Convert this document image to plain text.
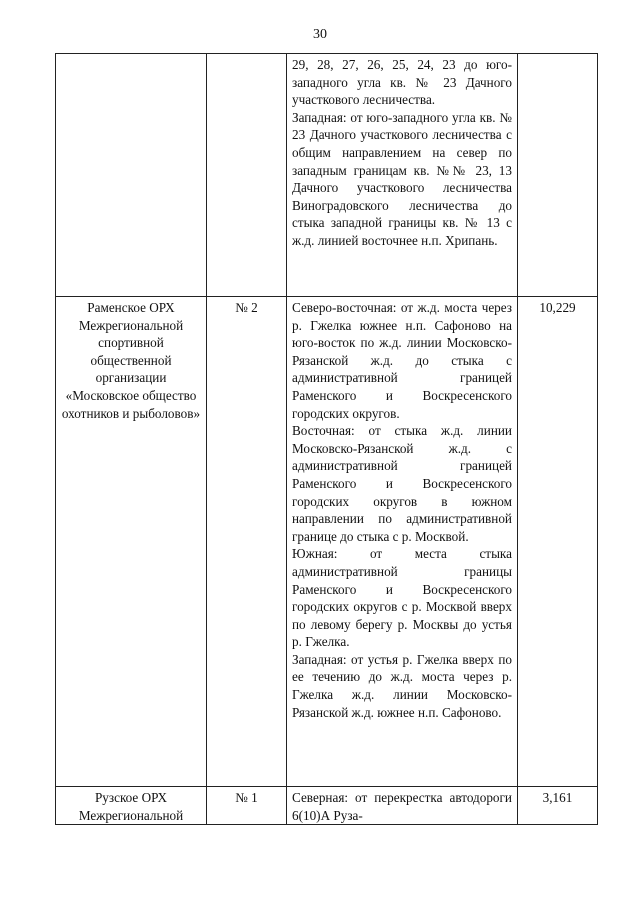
30

		29, 28, 27, 26, 25, 24, 23 до юго-западного угла кв. № 23 Дачного участкового лесничества.
Западная: от юго-западного угла кв. № 23 Дачного участкового лесничества с общим направлением на север по западным границам кв. №№ 23, 13 Дачного участкового лесничества Виноградовского лесничества до стыка западной границы кв. № 13 с ж.д. линией восточнее н.п. Хрипань.	

Раменское ОРХ Межрегиональной спортивной общественной организации «Московское общество охотников и рыболовов»	№ 2	Северо-восточная: от ж.д. моста через р. Гжелка южнее н.п. Сафоново на юго-восток по ж.д. линии Московско-Рязанской ж.д. до стыка с административной границей Раменского и Воскресенского городских округов.
Восточная: от стыка ж.д. линии Московско-Рязанской ж.д. с административной границей Раменского и Воскресенского городских округов в южном направлении по административной границе до стыка с р. Москвой.
Южная: от места стыка административной границы Раменского и Воскресенского городских округов с р. Москвой вверх по левому берегу р. Москвы до устья р. Гжелка.
Западная: от устья р. Гжелка вверх по ее течению до ж.д. моста через р. Гжелка ж.д. линии Московско-Рязанской ж.д. южнее н.п. Сафоново.	10,229
Рузское ОРХ Межрегиональной	№ 1	Северная: от перекрестка автодороги 6(10)А Руза-	3,161
